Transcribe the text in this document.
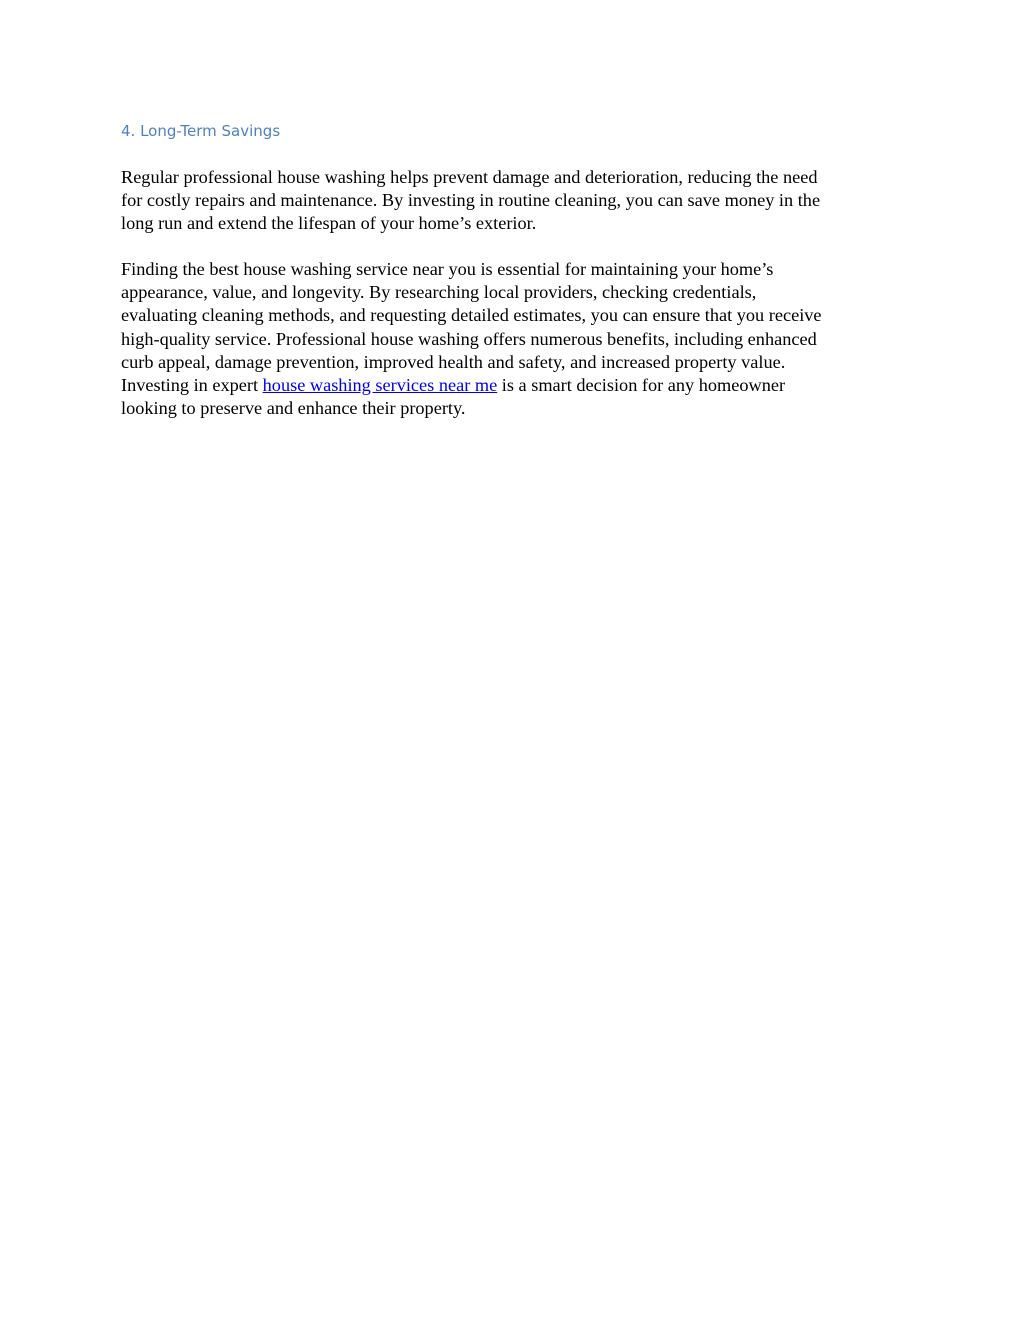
4. Long-Term Savings

Regular professional house washing helps prevent damage and deterioration, reducing the need
for costly repairs and maintenance. By investing in routine cleaning, you can save money in the
long run and extend the lifespan of your home’s exterior.

Finding the best house washing service near you is essential for maintaining your home’s
appearance, value, and longevity. By researching local providers, checking credentials,
evaluating cleaning methods, and requesting detailed estimates, you can ensure that you receive
high-quality service. Professional house washing offers numerous benefits, including enhanced
curb appeal, damage prevention, improved health and safety, and increased property value.
Investing in expert house washing services near me is a smart decision for any homeowner
looking to preserve and enhance their property.
